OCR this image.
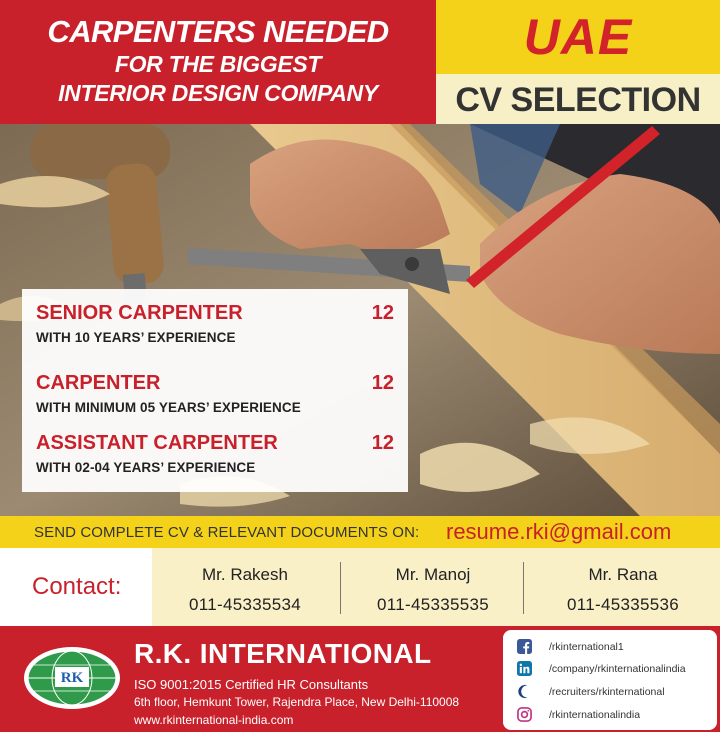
CARPENTERS NEEDED
FOR THE BIGGEST
INTERIOR DESIGN COMPANY
UAE
CV SELECTION
SENIOR CARPENTER	12
WITH 10 YEARS’ EXPERIENCE
CARPENTER	12
WITH MINIMUM 05 YEARS’ EXPERIENCE
ASSISTANT CARPENTER	12
WITH 02-04 YEARS’ EXPERIENCE
SEND COMPLETE CV & RELEVANT DOCUMENTS ON: resume.rki@gmail.com
Contact:	Mr. Rakesh
011-45335534
Mr. Manoj
011-45335535
Mr. Rana
011-45335536
RK
R.K. INTERNATIONAL
ISO 9001:2015 Certified HR Consultants
6th floor, Hemkunt Tower, Rajendra Place, New Delhi-110008
www.rkinternational-india.com
/rkinternational1
/company/rkinternationalindia
/recruiters/rkinternational
/rkinternationalindia
